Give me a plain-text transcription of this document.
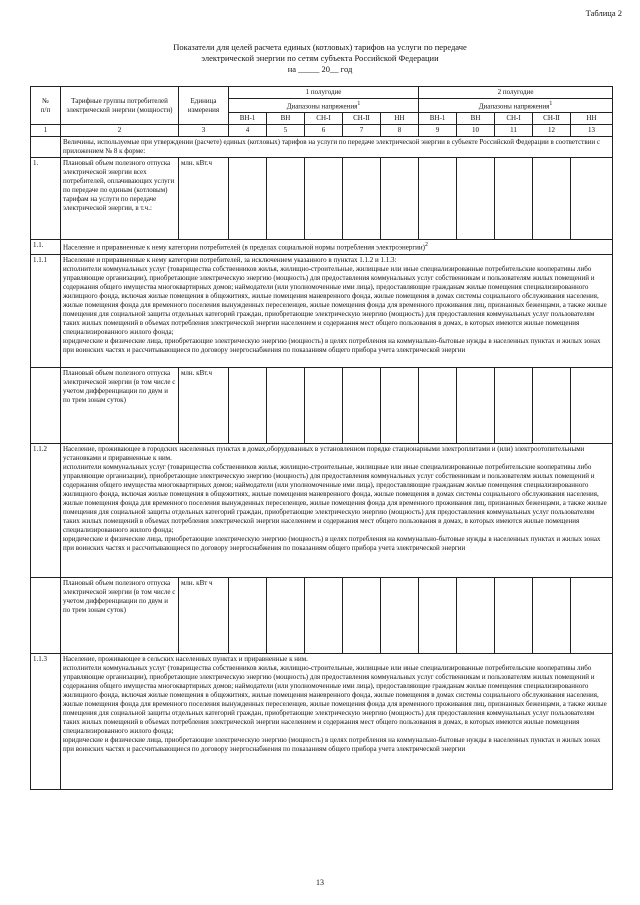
Таблица 2
Показатели для целей расчета единых (котловых) тарифов на услуги по передаче
электрической энергии по сетям субъекта Российской Федерации
на _____ 20__ год
№
п/п	Тарифные группы потребителей электрической энергии (мощности)	Единица измерения	1 полугодие					2 полугодие				
			Диапазоны напряжения$^1$					Диапазоны напряжения$^1$
			ВН-1	ВН	СН-I	СН-II	НН	ВН-1	ВН	СН-I	СН-II	НН
1	2	3	4	5	6	7	8	9	10	11	12	13
	Величины, используемые при утверждении (расчете) единых (котловых) тарифов на услуги по передаче электрической энергии в субъекте Российской Федерации в соответствии с приложением № 8 к форме:											
1.	Плановый объем полезного отпуска электрической энергии всех потребителей, оплачивающих услуги по передаче по единым (котловым) тарифам на услуги по передаче электрической энергии, в т.ч.:	млн. кВт.ч										
1.1.	Население и приравненные к нему категории потребителей (в пределах социальной нормы потребления электроэнергии)$^2$
1.1.1	Население и приравненные к нему категории потребителей, за исключением указанного в пунктах 1.1.2 и 1.1.3:
исполнители коммунальных услуг (товарищества собственников жилья, жилищно-строительные, жилищные или иные специализированные потребительские кооперативы либо управляющие организации), приобретающие электрическую энергию (мощность) для предоставления коммунальных услуг собственникам и пользователям жилых помещений и содержания общего имущества многоквартирных домов; наймодатели (или уполномоченные ими лица), предоставляющие гражданам жилые помещения специализированного жилищного фонда, включая жилые помещения в общежитиях, жилые помещения маневренного фонда, жилые помещения в домах системы социального обслуживания населения, жилые помещения фонда для временного поселения вынужденных переселенцев, жилые помещения фонда для временного проживания лиц, признанных беженцами, а также жилые помещения для социальной защиты отдельных категорий граждан, приобретающие электрическую энергию (мощность) для предоставления коммунальных услуг пользователям таких жилых помещений в объемах потребления электрической энергии населением и содержания мест общего пользования в домах, в которых имеются жилые помещения специализированного жилого фонда;
юридические и физические лица, приобретающие электрическую энергию (мощность) в целях потребления на коммунально-бытовые нужды в населенных пунктах и жилых зонах при воинских частях и рассчитывающиеся по договору энергоснабжения по показаниям общего прибора учета электрической энергии											
	Плановый объем полезного отпуска электрической энергии (в том числе с учетом дифференциации по двум и по трем зонам суток)	млн. кВт.ч										
1.1.2	Население, проживающее в городских населенных пунктах в домах,оборудованных в установленном порядке стационарными электроплитами и (или) электроотопительными установками и приравненные к ним.
исполнители коммунальных услуг (товарищества собственников жилья, жилищно-строительные, жилищные или иные специализированные потребительские кооперативы либо управляющие организации), приобретающие электрическую энергию (мощность) для предоставления коммунальных услуг собственникам и пользователям жилых помещений и содержания общего имущества многоквартирных домов; наймодатели (или уполномоченные ими лица), предоставляющие гражданам жилые помещения специализированного жилищного фонда, включая жилые помещения в общежитиях, жилые помещения маневренного фонда, жилые помещения в домах системы социального обслуживания населения, жилые помещения фонда для временного поселения вынужденных переселенцев, жилые помещения фонда для временного проживания лиц, признанных беженцами, а также жилые помещения для социальной защиты отдельных категорий граждан, приобретающие электрическую энергию (мощность) для предоставления коммунальных услуг пользователям таких жилых помещений в объемах потребления электрической энергии населением и содержания мест общего пользования в домах, в которых имеются жилые помещения специализированного жилого фонда;
юридические и физические лица, приобретающие электрическую энергию (мощность) в целях потребления на коммунально-бытовые нужды в населенных пунктах и жилых зонах при воинских частях и рассчитывающиеся по договору энергоснабжения по показаниям общего прибора учета электрической энергии											
	Плановый объем полезного отпуска электрической энергии (в том числе с учетом дифференциации по двум и по трем зонам суток)	млн. кВт ч										
1.1.3	Население, проживающее в сельских населенных пунктах и приравненные к ним.
исполнители коммунальных услуг (товарищества собственников жилья, жилищно-строительные, жилищные или иные специализированные потребительские кооперативы либо управляющие организации), приобретающие электрическую энергию (мощность) для предоставления коммунальных услуг собственникам и пользователям жилых помещений и содержания общего имущества многоквартирных домов; наймодатели (или уполномоченные ими лица), предоставляющие гражданам жилые помещения специализированного жилищного фонда, включая жилые помещения в общежитиях, жилые помещения маневренного фонда, жилые помещения в домах системы социального обслуживания населения, жилые помещения фонда для временного поселения вынужденных переселенцев, жилые помещения фонда для временного проживания лиц, признанных беженцами, а также жилые помещения для социальной защиты отдельных категорий граждан, приобретающие электрическую энергию (мощность) для предоставления коммунальных услуг пользователям таких жилых помещений в объемах потребления электрической энергии населением и содержания мест общего пользования в домах, в которых имеются жилые помещения специализированного жилого фонда;
юридические и физические лица, приобретающие электрическую энергию (мощность) в целях потребления на коммунально-бытовые нужды в населенных пунктах и жилых зонах при воинских частях и рассчитывающиеся по договору энергоснабжения по показаниям общего прибора учета электрической энергии											
13
